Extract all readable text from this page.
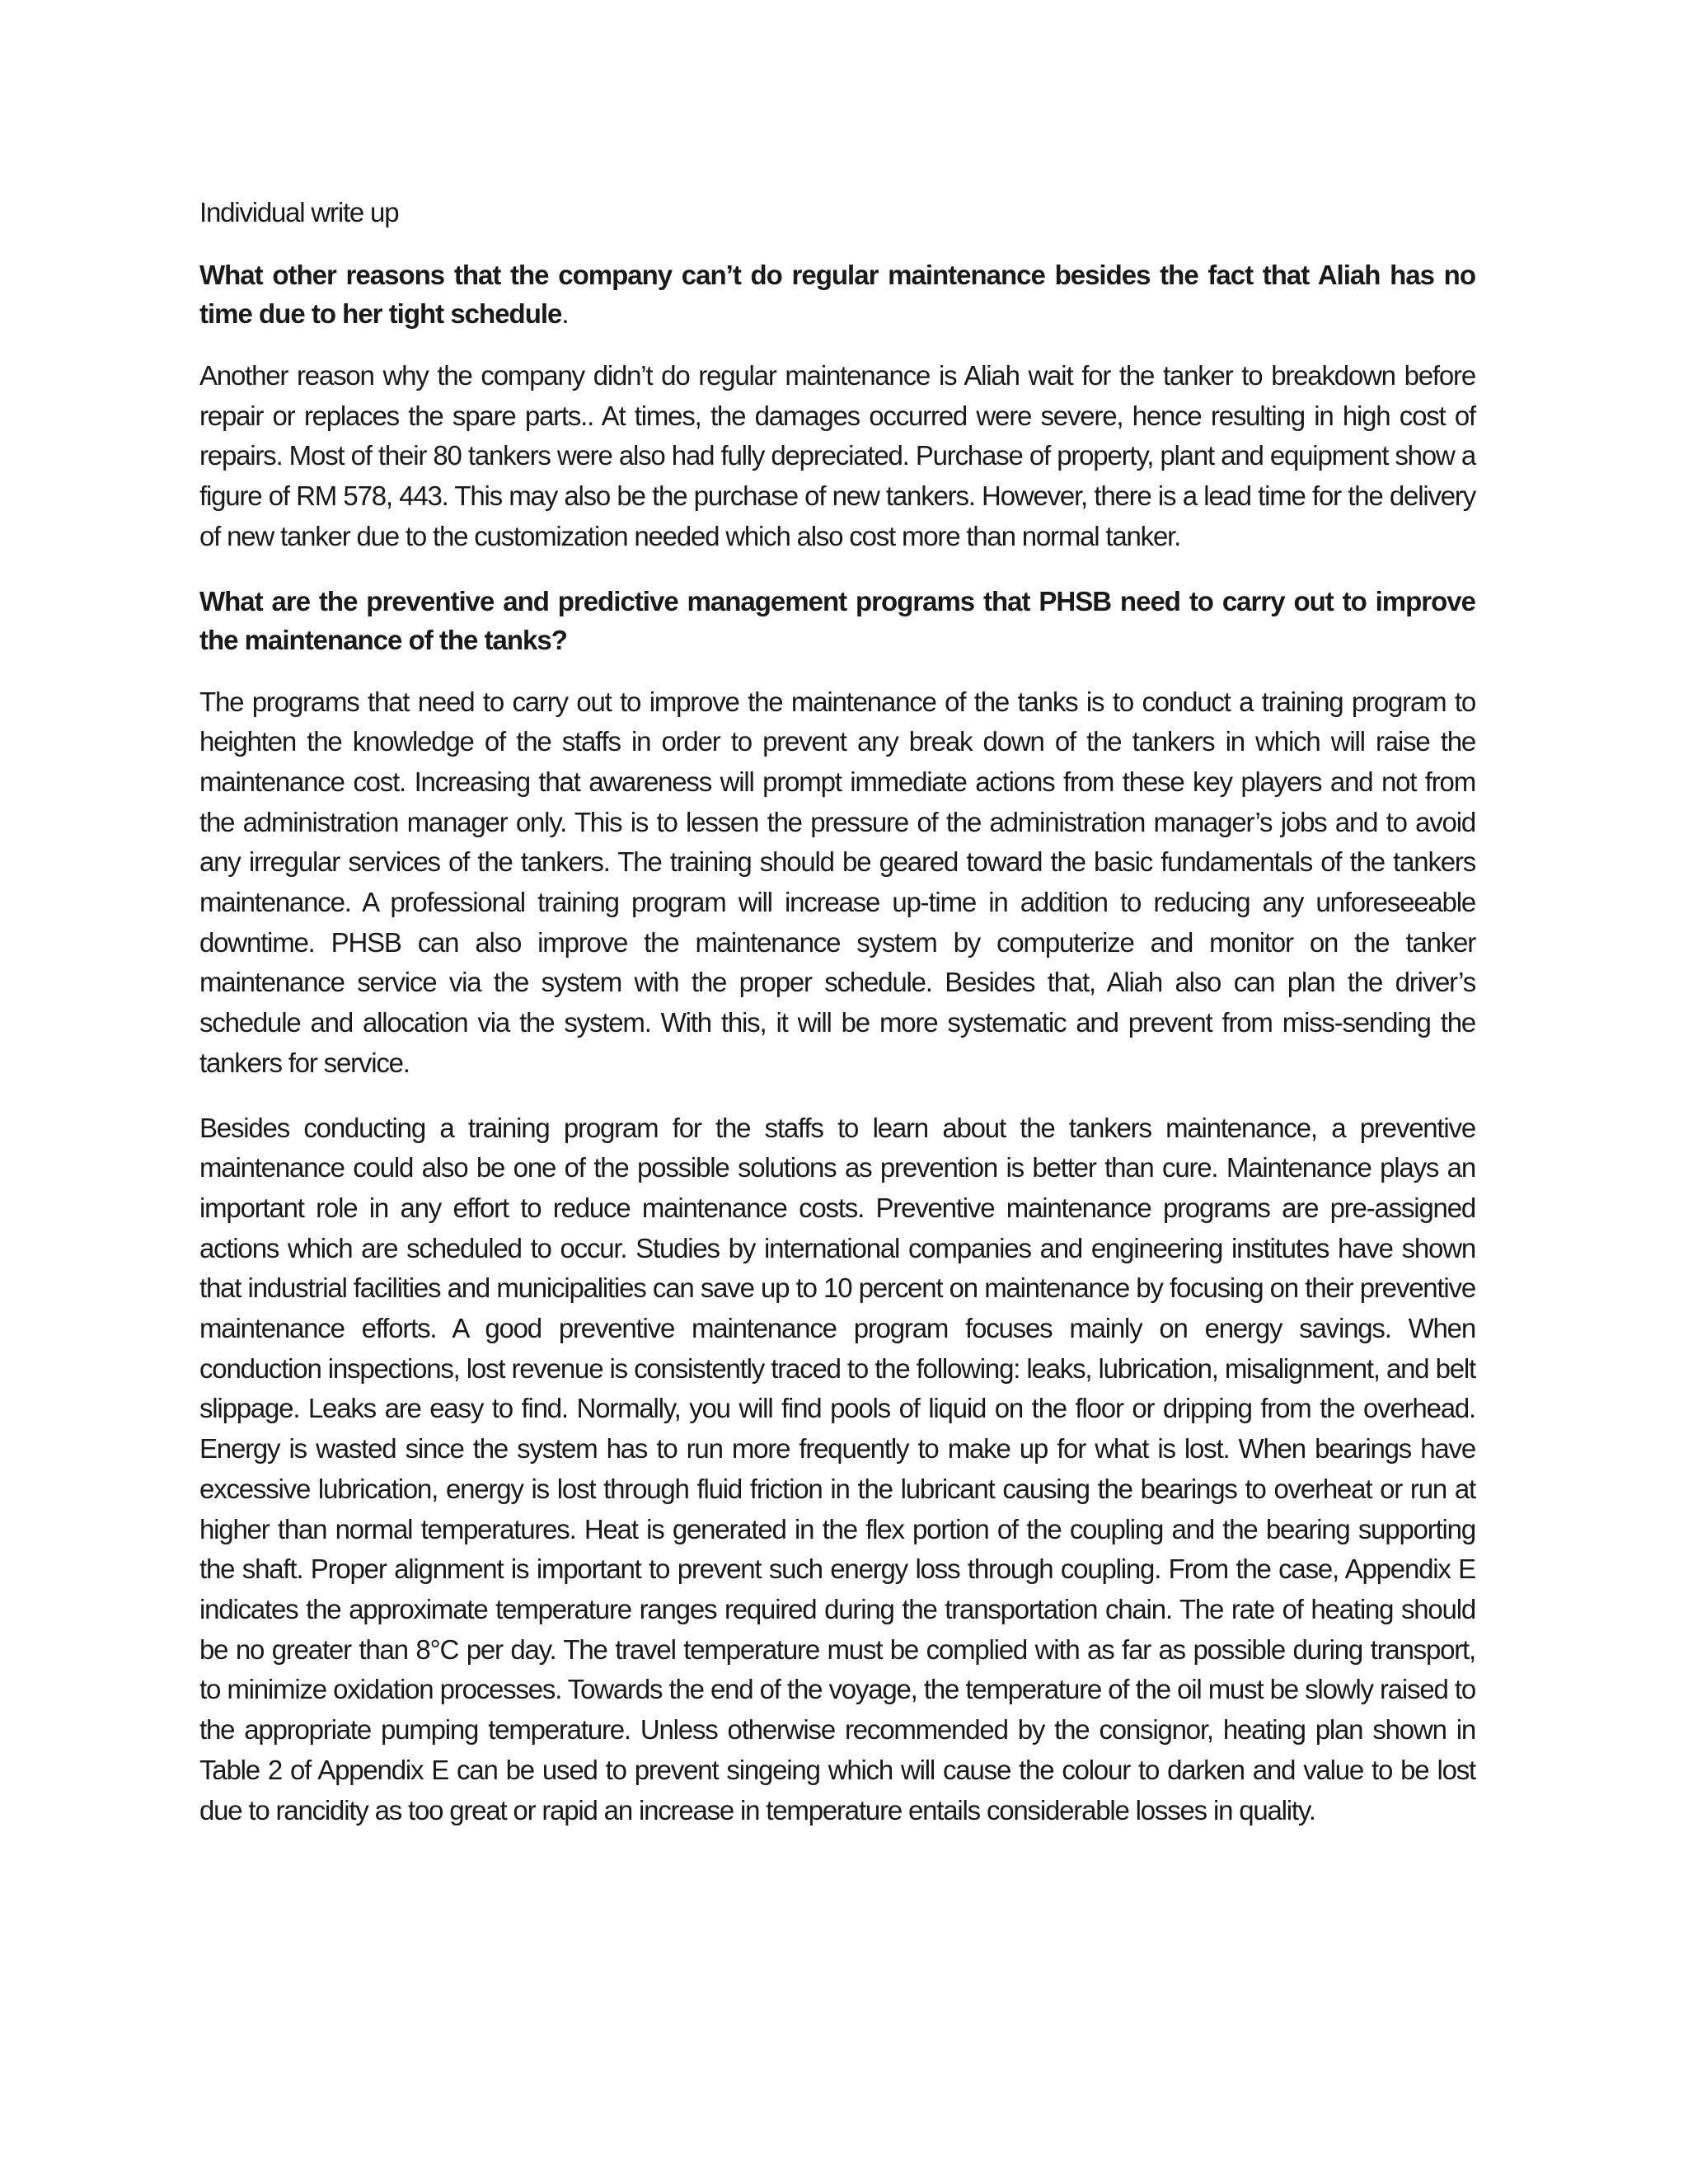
Individual write up

What other reasons that the company can’t do regular maintenance besides the fact that Aliah has no time due to her tight schedule.

Another reason why the company didn’t do regular maintenance is Aliah wait for the tanker to breakdown before repair or replaces the spare parts.. At times, the damages occurred were severe, hence resulting in high cost of repairs. Most of their 80 tankers were also had fully depreciated. Purchase of property, plant and equipment show a figure of RM 578, 443. This may also be the purchase of new tankers. However, there is a lead time for the delivery of new tanker due to the customization needed which also cost more than normal tanker.

What are the preventive and predictive management programs that PHSB need to carry out to improve the maintenance of the tanks?

The programs that need to carry out to improve the maintenance of the tanks is to conduct a training program to heighten the knowledge of the staffs in order to prevent any break down of the tankers in which will raise the maintenance cost. Increasing that awareness will prompt immediate actions from these key players and not from the administration manager only. This is to lessen the pressure of the administration manager’s jobs and to avoid any irregular services of the tankers. The training should be geared toward the basic fundamentals of the tankers maintenance. A professional training program will increase up-time in addition to reducing any unforeseeable downtime. PHSB can also improve the maintenance system by computerize and monitor on the tanker maintenance service via the system with the proper schedule. Besides that, Aliah also can plan the driver’s schedule and allocation via the system. With this, it will be more systematic and prevent from miss-sending the tankers for service.

Besides conducting a training program for the staffs to learn about the tankers maintenance, a preventive maintenance could also be one of the possible solutions as prevention is better than cure. Maintenance plays an important role in any effort to reduce maintenance costs. Preventive maintenance programs are pre-assigned actions which are scheduled to occur. Studies by international companies and engineering institutes have shown that industrial facilities and municipalities can save up to 10 percent on maintenance by focusing on their preventive maintenance efforts. A good preventive maintenance program focuses mainly on energy savings. When conduction inspections, lost revenue is consistently traced to the following: leaks, lubrication, misalignment, and belt slippage. Leaks are easy to find. Normally, you will find pools of liquid on the floor or dripping from the overhead. Energy is wasted since the system has to run more frequently to make up for what is lost. When bearings have excessive lubrication, energy is lost through fluid friction in the lubricant causing the bearings to overheat or run at higher than normal temperatures. Heat is generated in the flex portion of the coupling and the bearing supporting the shaft. Proper alignment is important to prevent such energy loss through coupling. From the case, Appendix E indicates the approximate temperature ranges required during the transportation chain. The rate of heating should be no greater than 8°C per day. The travel temperature must be complied with as far as possible during transport, to minimize oxidation processes. Towards the end of the voyage, the temperature of the oil must be slowly raised to the appropriate pumping temperature. Unless otherwise recommended by the consignor, heating plan shown in Table 2 of Appendix E can be used to prevent singeing which will cause the colour to darken and value to be lost due to rancidity as too great or rapid an increase in temperature entails considerable losses in quality.
